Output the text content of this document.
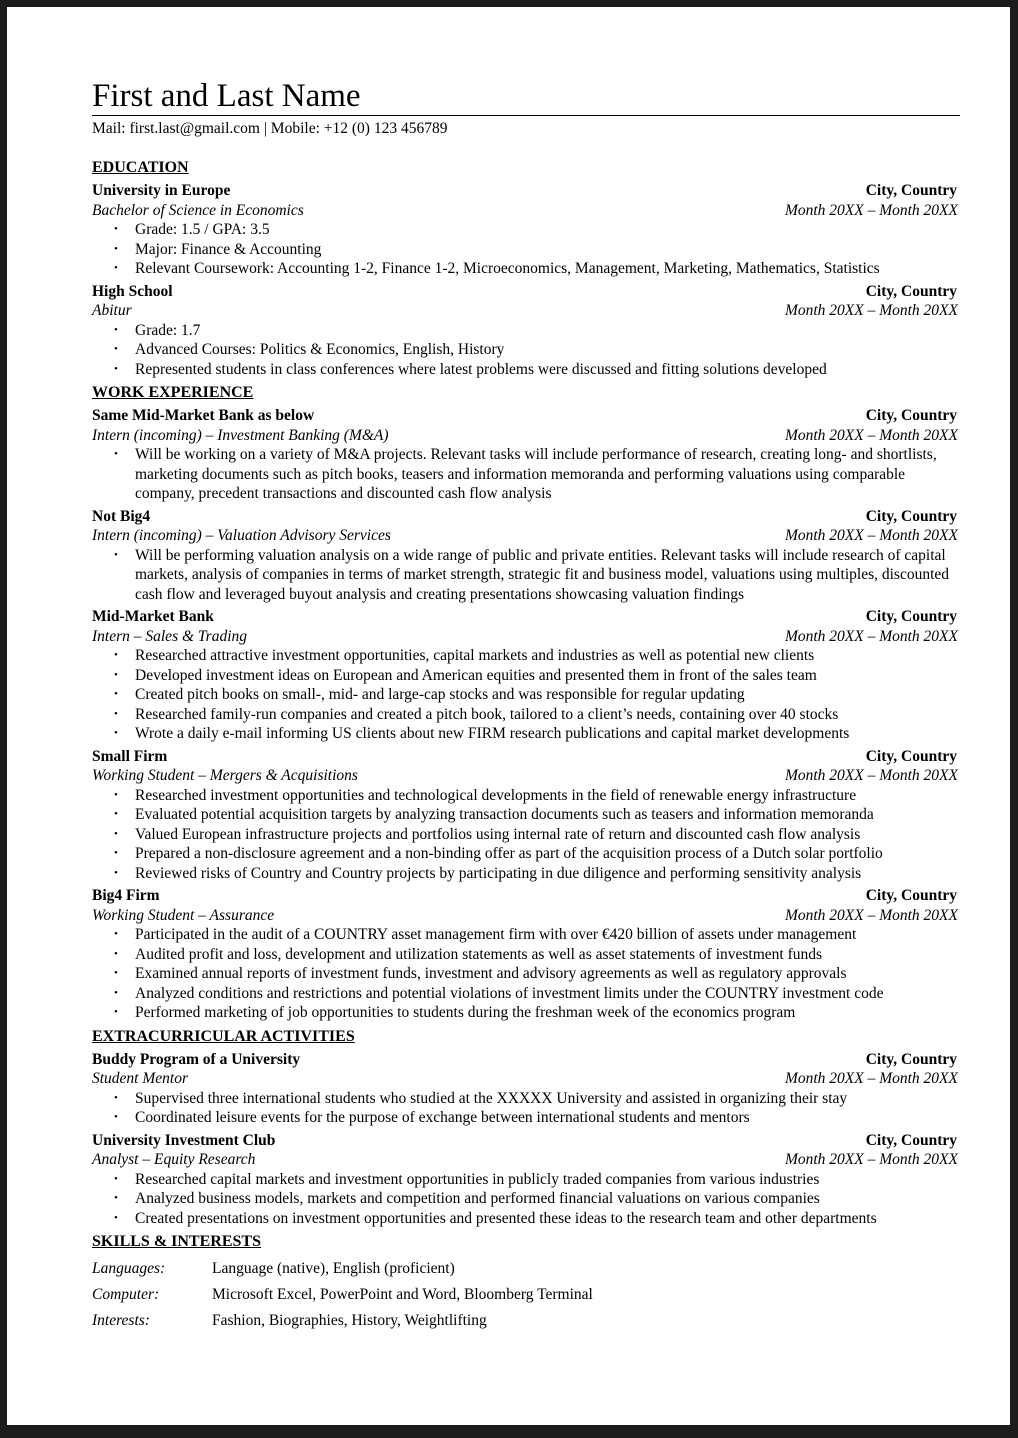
First and Last Name
Mail: first.last@gmail.com | Mobile: +12 (0) 123 456789
EDUCATION
University in Europe	City, Country
Bachelor of Science in Economics	Month 20XX – Month 20XX
• Grade: 1.5 / GPA: 3.5
• Major: Finance & Accounting
• Relevant Coursework: Accounting 1-2, Finance 1-2, Microeconomics, Management, Marketing, Mathematics, Statistics
High School	City, Country
Abitur	Month 20XX – Month 20XX
• Grade: 1.7
• Advanced Courses: Politics & Economics, English, History
• Represented students in class conferences where latest problems were discussed and fitting solutions developed
WORK EXPERIENCE
Same Mid-Market Bank as below	City, Country
Intern (incoming) – Investment Banking (M&A)	Month 20XX – Month 20XX
• Will be working on a variety of M&A projects. Relevant tasks will include performance of research, creating long- and shortlists, marketing documents such as pitch books, teasers and information memoranda and performing valuations using comparable company, precedent transactions and discounted cash flow analysis
Not Big4	City, Country
Intern (incoming) – Valuation Advisory Services	Month 20XX – Month 20XX
• Will be performing valuation analysis on a wide range of public and private entities. Relevant tasks will include research of capital markets, analysis of companies in terms of market strength, strategic fit and business model, valuations using multiples, discounted cash flow and leveraged buyout analysis and creating presentations showcasing valuation findings
Mid-Market Bank	City, Country
Intern – Sales & Trading	Month 20XX – Month 20XX
• Researched attractive investment opportunities, capital markets and industries as well as potential new clients
• Developed investment ideas on European and American equities and presented them in front of the sales team
• Created pitch books on small-, mid- and large-cap stocks and was responsible for regular updating
• Researched family-run companies and created a pitch book, tailored to a client’s needs, containing over 40 stocks
• Wrote a daily e-mail informing US clients about new FIRM research publications and capital market developments
Small Firm	City, Country
Working Student – Mergers & Acquisitions	Month 20XX – Month 20XX
• Researched investment opportunities and technological developments in the field of renewable energy infrastructure
• Evaluated potential acquisition targets by analyzing transaction documents such as teasers and information memoranda
• Valued European infrastructure projects and portfolios using internal rate of return and discounted cash flow analysis
• Prepared a non-disclosure agreement and a non-binding offer as part of the acquisition process of a Dutch solar portfolio
• Reviewed risks of Country and Country projects by participating in due diligence and performing sensitivity analysis
Big4 Firm	City, Country
Working Student – Assurance	Month 20XX – Month 20XX
• Participated in the audit of a COUNTRY asset management firm with over €420 billion of assets under management
• Audited profit and loss, development and utilization statements as well as asset statements of investment funds
• Examined annual reports of investment funds, investment and advisory agreements as well as regulatory approvals
• Analyzed conditions and restrictions and potential violations of investment limits under the COUNTRY investment code
• Performed marketing of job opportunities to students during the freshman week of the economics program
EXTRACURRICULAR ACTIVITIES
Buddy Program of a University	City, Country
Student Mentor	Month 20XX – Month 20XX
• Supervised three international students who studied at the XXXXX University and assisted in organizing their stay
• Coordinated leisure events for the purpose of exchange between international students and mentors
University Investment Club	City, Country
Analyst – Equity Research	Month 20XX – Month 20XX
• Researched capital markets and investment opportunities in publicly traded companies from various industries
• Analyzed business models, markets and competition and performed financial valuations on various companies
• Created presentations on investment opportunities and presented these ideas to the research team and other departments
SKILLS & INTERESTS
Languages:	Language (native), English (proficient)
Computer:	Microsoft Excel, PowerPoint and Word, Bloomberg Terminal
Interests:	Fashion, Biographies, History, Weightlifting
